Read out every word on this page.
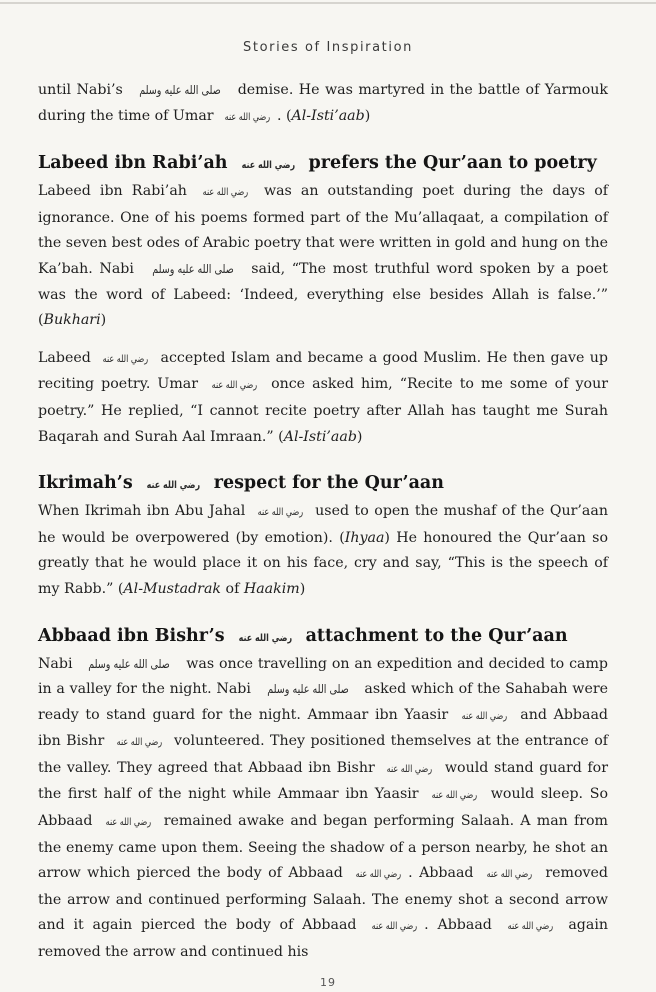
Stories of Inspiration

until Nabi’s صلى الله عليه وسلم demise. He was martyred in the battle of Yarmouk during the time of Umar رضي الله عنه . (Al-Isti’aab)

Labeed ibn Rabi’ah رضي الله عنه prefers the Qur’aan to poetry

Labeed ibn Rabi’ah رضي الله عنه was an outstanding poet during the days of ignorance. One of his poems formed part of the Mu’allaqaat, a compilation of the seven best odes of Arabic poetry that were written in gold and hung on the Ka’bah. Nabi صلى الله عليه وسلم said, “The most truthful word spoken by a poet was the word of Labeed: ‘Indeed, everything else besides Allah is false.’” (Bukhari)

Labeed رضي الله عنه accepted Islam and became a good Muslim. He then gave up reciting poetry. Umar رضي الله عنه once asked him, “Recite to me some of your poetry.” He replied, “I cannot recite poetry after Allah has taught me Surah Baqarah and Surah Aal Imraan.” (Al-Isti’aab)

Ikrimah’s رضي الله عنه respect for the Qur’aan

When Ikrimah ibn Abu Jahal رضي الله عنه used to open the mushaf of the Qur’aan he would be overpowered (by emotion). (Ihyaa) He honoured the Qur’aan so greatly that he would place it on his face, cry and say, “This is the speech of my Rabb.” (Al-Mustadrak of Haakim)

Abbaad ibn Bishr’s رضي الله عنه attachment to the Qur’aan

Nabi صلى الله عليه وسلم was once travelling on an expedition and decided to camp in a valley for the night. Nabi صلى الله عليه وسلم asked which of the Sahabah were ready to stand guard for the night. Ammaar ibn Yaasir رضي الله عنه and Abbaad ibn Bishr رضي الله عنه volunteered. They positioned themselves at the entrance of the valley. They agreed that Abbaad ibn Bishr رضي الله عنه would stand guard for the first half of the night while Ammaar ibn Yaasir رضي الله عنه would sleep. So Abbaad رضي الله عنه remained awake and began performing Salaah. A man from the enemy came upon them. Seeing the shadow of a person nearby, he shot an arrow which pierced the body of Abbaad رضي الله عنه . Abbaad رضي الله عنه removed the arrow and continued performing Salaah. The enemy shot a second arrow and it again pierced the body of Abbaad رضي الله عنه . Abbaad رضي الله عنه again removed the arrow and continued his

19
